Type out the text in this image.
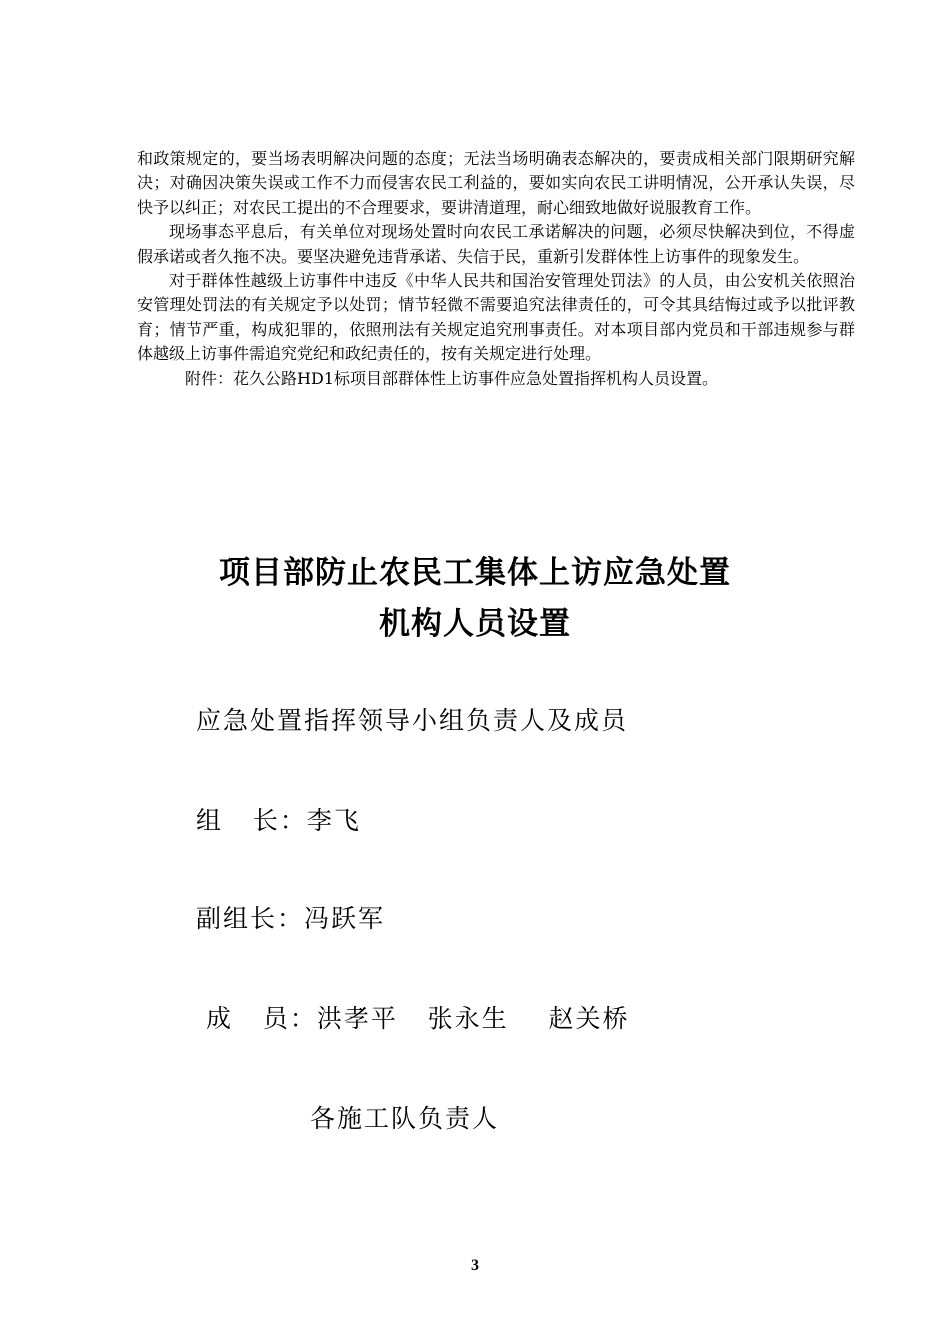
和政策规定的，要当场表明解决问题的态度；无法当场明确表态解决的，要责成相关部门限期研究解决；对确因决策失误或工作不力而侵害农民工利益的，要如实向农民工讲明情况，公开承认失误，尽快予以纠正；对农民工提出的不合理要求，要讲清道理，耐心细致地做好说服教育工作。

现场事态平息后，有关单位对现场处置时向农民工承诺解决的问题，必须尽快解决到位，不得虚假承诺或者久拖不决。要坚决避免违背承诺、失信于民，重新引发群体性上访事件的现象发生。

对于群体性越级上访事件中违反《中华人民共和国治安管理处罚法》的人员，由公安机关依照治安管理处罚法的有关规定予以处罚；情节轻微不需要追究法律责任的，可令其具结悔过或予以批评教育；情节严重，构成犯罪的，依照刑法有关规定追究刑事责任。对本项目部内党员和干部违规参与群体越级上访事件需追究党纪和政纪责任的，按有关规定进行处理。

附件：花久公路HD1标项目部群体性上访事件应急处置指挥机构人员设置。

项目部防止农民工集体上访应急处置
机构人员设置
应急处置指挥领导小组负责人及成员
组   长：李飞
副组长：冯跃军
成   员：洪孝平   张永生    赵关桥
各施工队负责人
3
